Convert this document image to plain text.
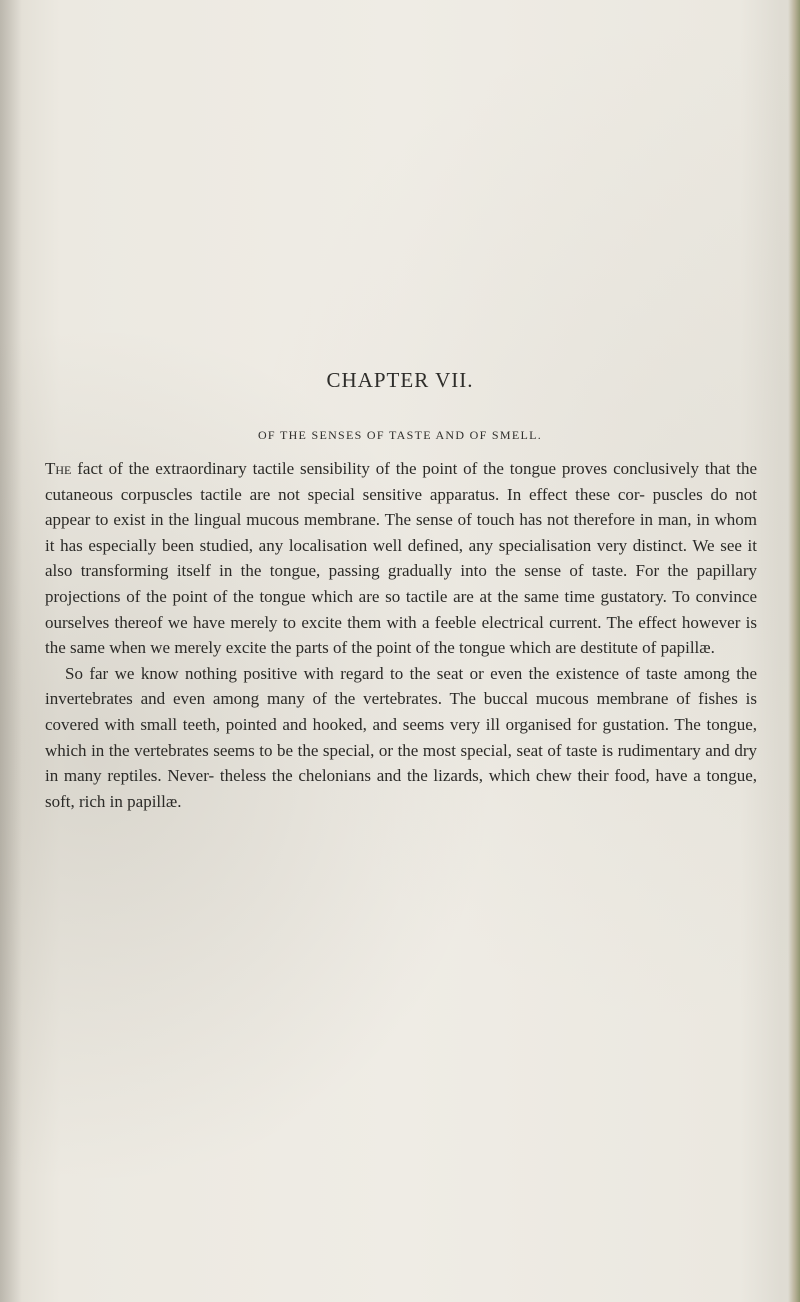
CHAPTER VII.
OF THE SENSES OF TASTE AND OF SMELL.

The fact of the extraordinary tactile sensibility of the point of the tongue proves conclusively that the cutaneous corpuscles tactile are not special sensitive apparatus. In effect these cor- puscles do not appear to exist in the lingual mucous membrane. The sense of touch has not therefore in man, in whom it has especially been studied, any localisation well defined, any specialisation very distinct. We see it also transforming itself in the tongue, passing gradually into the sense of taste. For the papillary projections of the point of the tongue which are so tactile are at the same time gustatory. To convince ourselves thereof we have merely to excite them with a feeble electrical current. The effect however is the same when we merely excite the parts of the point of the tongue which are destitute of papillæ.

So far we know nothing positive with regard to the seat or even the existence of taste among the invertebrates and even among many of the vertebrates. The buccal mucous membrane of fishes is covered with small teeth, pointed and hooked, and seems very ill organised for gustation. The tongue, which in the vertebrates seems to be the special, or the most special, seat of taste is rudimentary and dry in many reptiles. Never- theless the chelonians and the lizards, which chew their food, have a tongue, soft, rich in papillæ.
